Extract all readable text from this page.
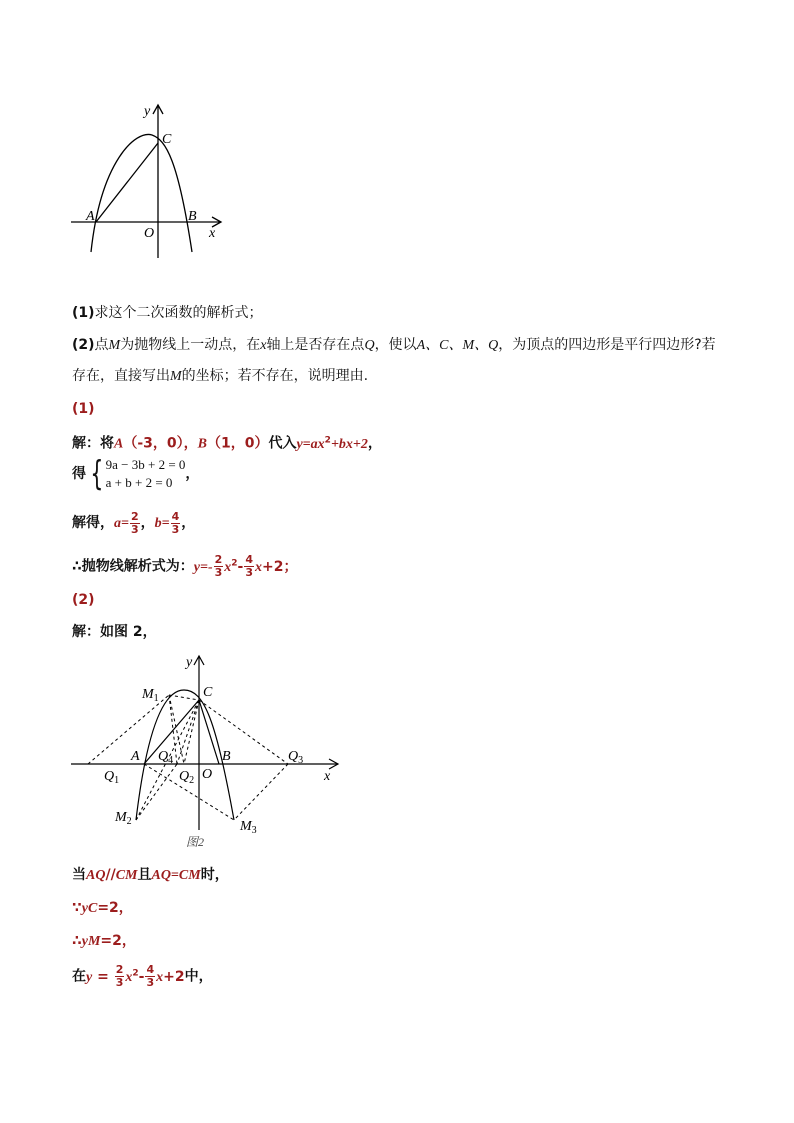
y
C
A	B
O	x
(1)求这个二次函数的解析式；
(2)点M为抛物线上一动点，在x轴上是否存在点Q，使以A、C、M、Q，为顶点的四边形是平行四边形?若
存在，直接写出M的坐标；若不存在，说明理由.
(1)
解：将A（-3，0），B（1，0）代入$y=ax^2+bx+2$，
得 { 9a − 3b + 2 = 0
a + b + 2 = 0
，
解得，$a= \frac{2}{3}$ ，$b= \frac{4}{3}$ ，
∴抛物线解析式为：$y=- \frac{2}{3} x^2- \frac{4}{3} x+2$；
(2)
解：如图 2，
y
C
$M_1$
A $Q_4$	B	$Q_3$
$Q_1$	$Q_2$ O	x
$M_2$	$M_3$
图2
当AQ//CM且AQ=CM时，
∵yC=2，
∴yM=2，
在$y = \frac{2}{3} x^2- \frac{4}{3} x+2$中，
